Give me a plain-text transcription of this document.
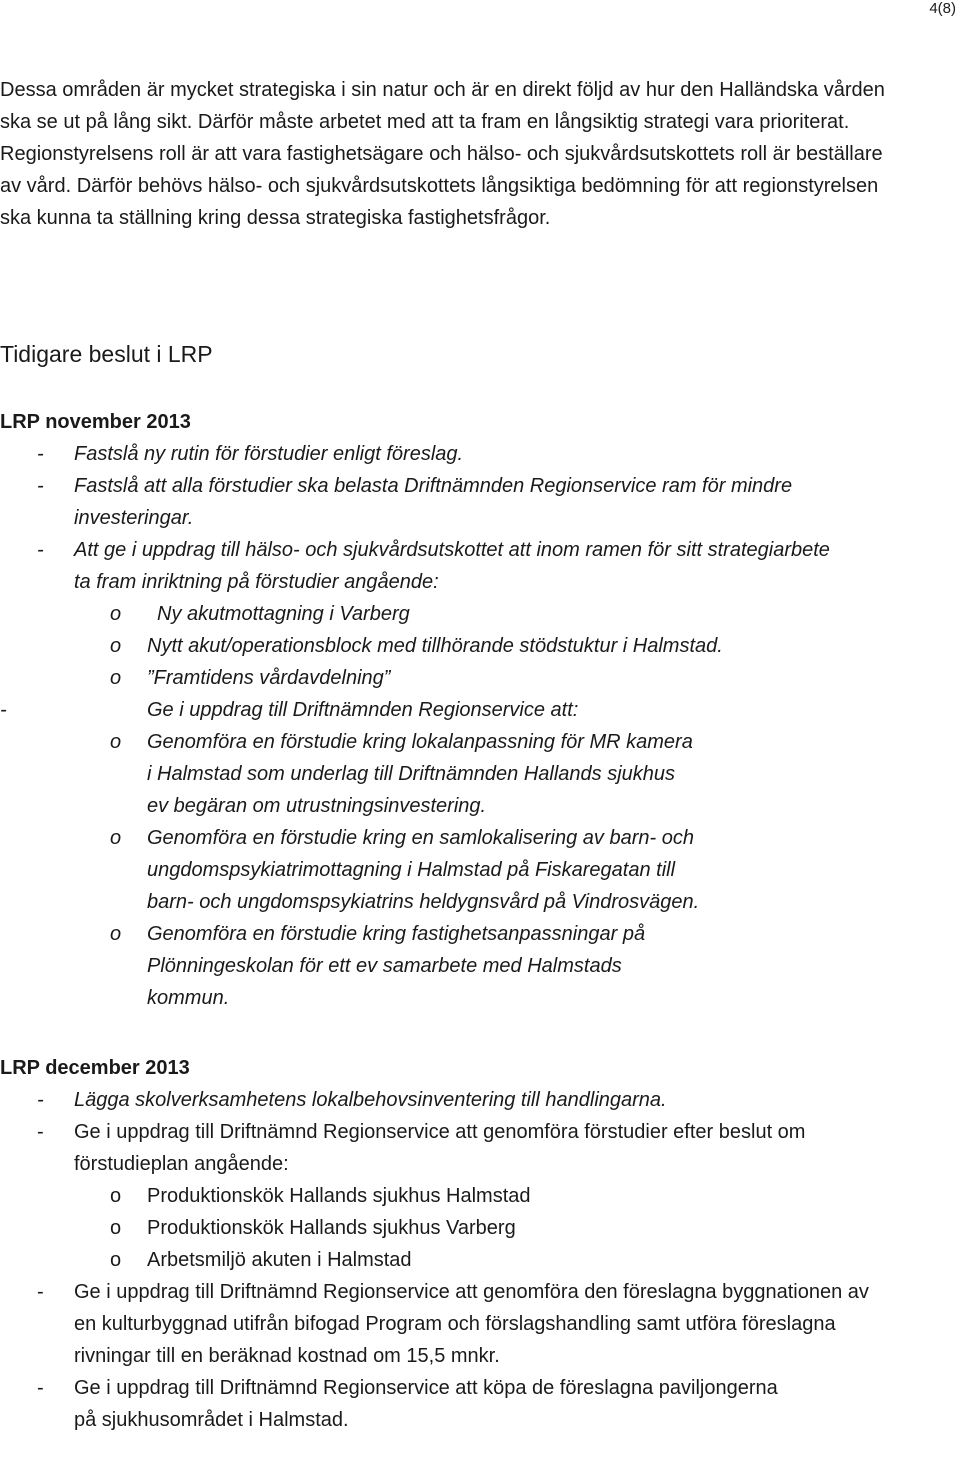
4(8)

Dessa områden är mycket strategiska i sin natur och är en direkt följd av hur den Halländska vården ska se ut på lång sikt. Därför måste arbetet med att ta fram en långsiktig strategi vara prioriterat. Regionstyrelsens roll är att vara fastighetsägare och hälso- och sjukvårdsutskottets roll är beställare av vård. Därför behövs hälso- och sjukvårdsutskottets långsiktiga bedömning för att regionstyrelsen ska kunna ta ställning kring dessa strategiska fastighetsfrågor.

Tidigare beslut i LRP
LRP november 2013
-	Fastslå ny rutin för förstudier enligt föreslag.
-	Fastslå att alla förstudier ska belasta Driftnämnden Regionservice ram för mindre investeringar.
-	Att ge i uppdrag till hälso- och sjukvårdsutskottet att inom ramen för sitt strategiarbete ta fram inriktning på förstudier angående:
o	Ny akutmottagning i Varberg
o	Nytt akut/operationsblock med tillhörande stödstuktur i Halmstad.
o	”Framtidens vårdavdelning”
-	Ge i uppdrag till Driftnämnden Regionservice att:
o	Genomföra en förstudie kring lokalanpassning för MR kamera i Halmstad som underlag till Driftnämnden Hallands sjukhus ev begäran om utrustningsinvestering.
o	Genomföra en förstudie kring en samlokalisering av barn- och ungdomspsykiatrimottagning i Halmstad på Fiskaregatan till barn- och ungdomspsykiatrins heldygnsvård på Vindrosvägen.
o	Genomföra en förstudie kring fastighetsanpassningar på Plönningeskolan för ett ev samarbete med Halmstads kommun.
LRP december 2013
-	Lägga skolverksamhetens lokalbehovsinventering till handlingarna.
-	Ge i uppdrag till Driftnämnd Regionservice att genomföra förstudier efter beslut om förstudieplan angående:
o	Produktionskök Hallands sjukhus Halmstad
o	Produktionskök Hallands sjukhus Varberg
o	Arbetsmiljö akuten i Halmstad
-	Ge i uppdrag till Driftnämnd Regionservice att genomföra den föreslagna byggnationen av en kulturbyggnad utifrån bifogad Program och förslagshandling samt utföra föreslagna rivningar till en beräknad kostnad om 15,5 mnkr.
-	Ge i uppdrag till Driftnämnd Regionservice att köpa de föreslagna paviljongerna på sjukhusområdet i Halmstad.
